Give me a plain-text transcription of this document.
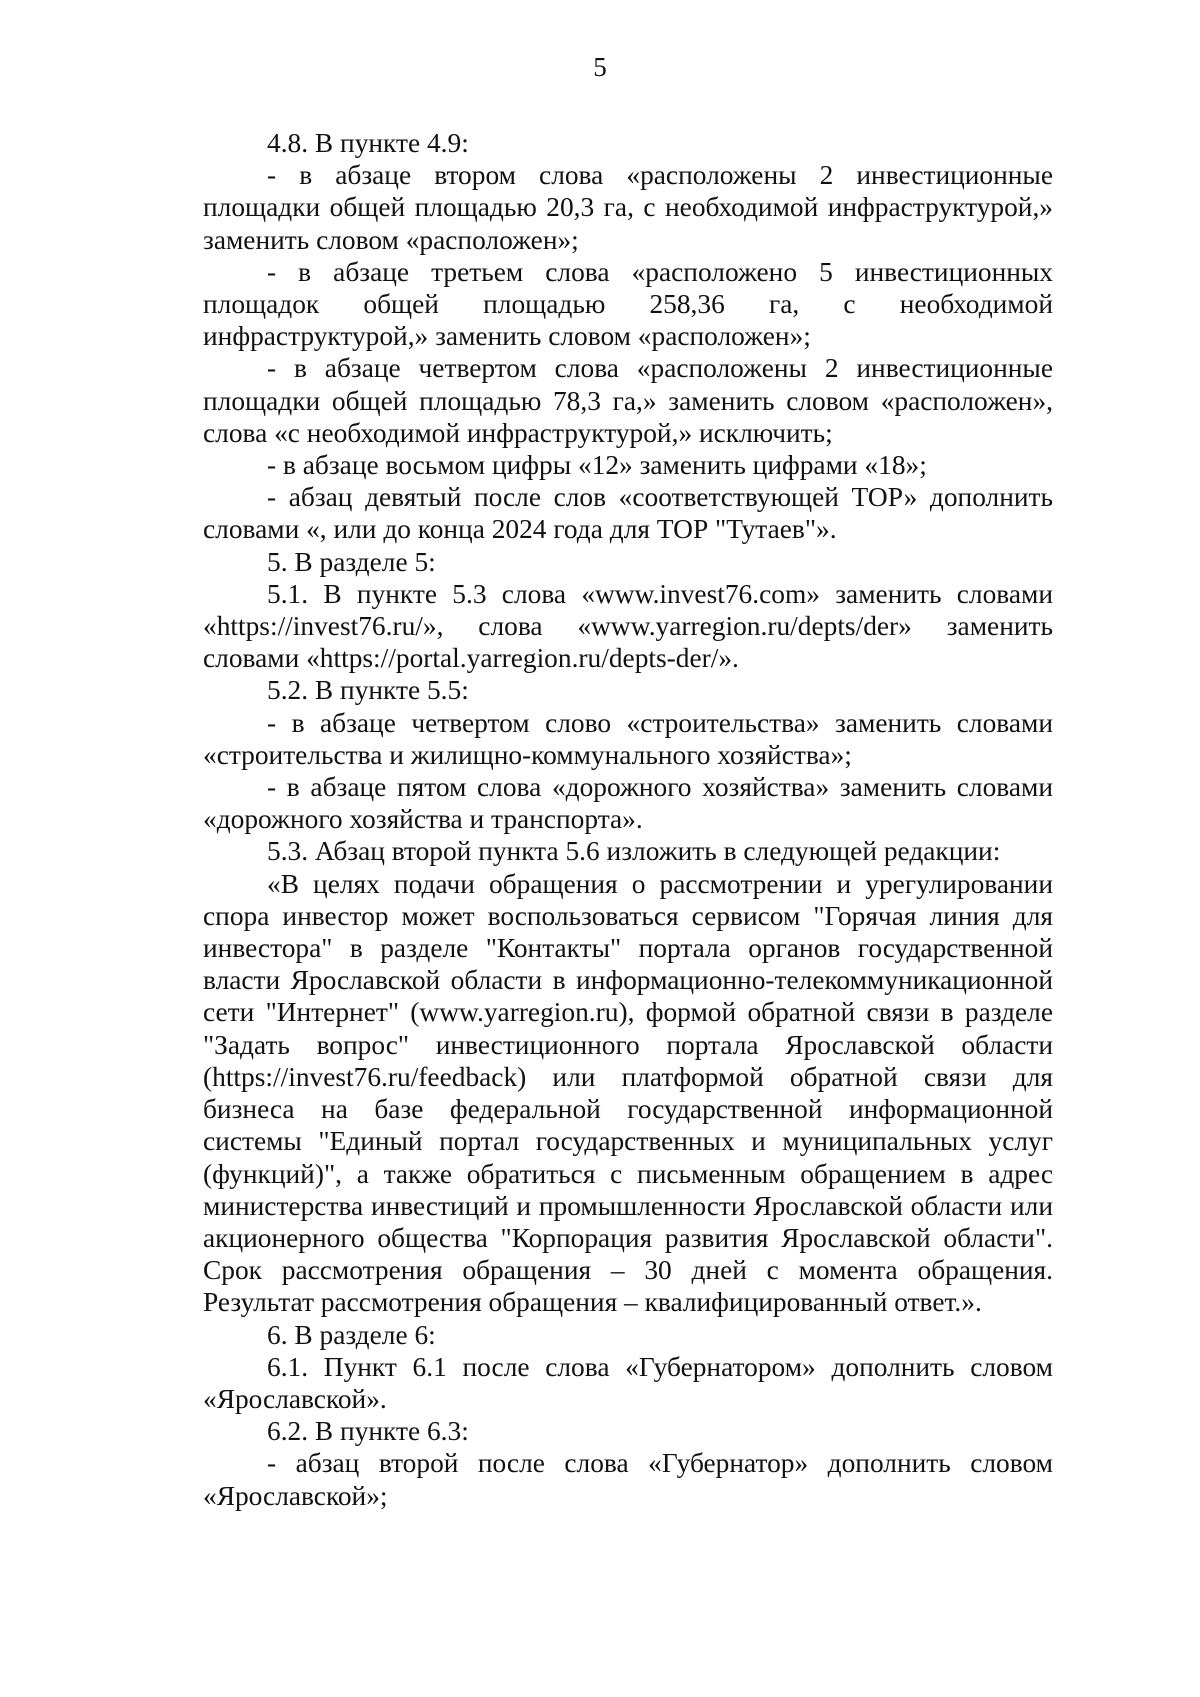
5

4.8. В пункте 4.9:

- в абзаце втором слова «расположены 2 инвестиционные площадки общей площадью 20,3 га, с необходимой инфраструктурой,» заменить словом «расположен»;

- в абзаце третьем слова «расположено 5 инвестиционных площадок общей площадью 258,36 га, с необходимой инфраструктурой,» заменить словом «расположен»;

- в абзаце четвертом слова «расположены 2 инвестиционные площадки общей площадью 78,3 га,» заменить словом «расположен», слова «с необходимой инфраструктурой,» исключить;

- в абзаце восьмом цифры «12» заменить цифрами «18»;

- абзац девятый после слов «соответствующей ТОР» дополнить словами «, или до конца 2024 года для ТОР "Тутаев"».

5. В разделе 5:

5.1. В пункте 5.3 слова «www.invest76.com» заменить словами «https://invest76.ru/», слова «www.yarregion.ru/depts/der» заменить словами «https://portal.yarregion.ru/depts-der/».

5.2. В пункте 5.5:

- в абзаце четвертом слово «строительства» заменить словами «строительства и жилищно-коммунального хозяйства»;

- в абзаце пятом слова «дорожного хозяйства» заменить словами «дорожного хозяйства и транспорта».

5.3. Абзац второй пункта 5.6 изложить в следующей редакции:

«В целях подачи обращения о рассмотрении и урегулировании спора инвестор может воспользоваться сервисом "Горячая линия для инвестора" в разделе "Контакты" портала органов государственной власти Ярославской области в информационно-телекоммуникационной сети "Интернет" (www.yarregion.ru), формой обратной связи в разделе "Задать вопрос" инвестиционного портала Ярославской области (https://invest76.ru/feedback) или платформой обратной связи для бизнеса на базе федеральной государственной информационной системы "Единый портал государственных и муниципальных услуг (функций)", а также обратиться с письменным обращением в адрес министерства инвестиций и промышленности Ярославской области или акционерного общества "Корпорация развития Ярославской области". Срок рассмотрения обращения – 30 дней с момента обращения. Результат рассмотрения обращения – квалифицированный ответ.».

6. В разделе 6:

6.1. Пункт 6.1 после слова «Губернатором» дополнить словом «Ярославской».

6.2. В пункте 6.3:

- абзац второй после слова «Губернатор» дополнить словом «Ярославской»;
